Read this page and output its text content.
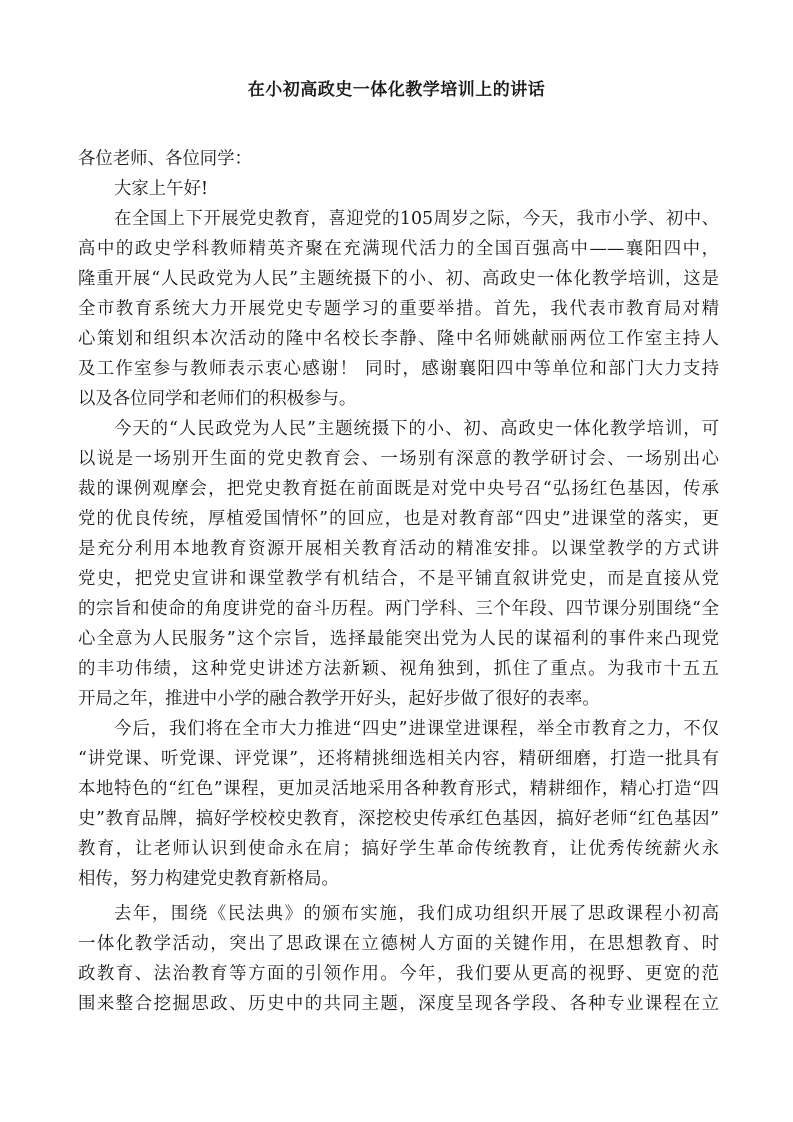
在小初高政史一体化教学培训上的讲话
各位老师、各位同学：
大家上午好!
在全国上下开展党史教育，喜迎党的105周岁之际，今天，我市小学、初中、
高中的政史学科教师精英齐聚在充满现代活力的全国百强高中——襄阳四中，
隆重开展“人民政党为人民”主题统摄下的小、初、高政史一体化教学培训，这是
全市教育系统大力开展党史专题学习的重要举措。首先，我代表市教育局对精
心策划和组织本次活动的隆中名校长李静、隆中名师姚献丽两位工作室主持人
及工作室参与教师表示衷心感谢！ 同时，感谢襄阳四中等单位和部门大力支持
以及各位同学和老师们的积极参与。
今天的“人民政党为人民”主题统摄下的小、初、高政史一体化教学培训，可
以说是一场别开生面的党史教育会、一场别有深意的教学研讨会、一场别出心
裁的课例观摩会，把党史教育挺在前面既是对党中央号召“弘扬红色基因，传承
党的优良传统，厚植爱国情怀”的回应，也是对教育部“四史”进课堂的落实，更
是充分利用本地教育资源开展相关教育活动的精准安排。以课堂教学的方式讲
党史，把党史宣讲和课堂教学有机结合，不是平铺直叙讲党史，而是直接从党
的宗旨和使命的角度讲党的奋斗历程。两门学科、三个年段、四节课分别围绕“全
心全意为人民服务”这个宗旨，选择最能突出党为人民的谋福利的事件来凸现党
的丰功伟绩，这种党史讲述方法新颖、视角独到，抓住了重点。为我市十五五
开局之年，推进中小学的融合教学开好头，起好步做了很好的表率。
今后，我们将在全市大力推进“四史”进课堂进课程，举全市教育之力，不仅
“讲党课、听党课、评党课”，还将精挑细选相关内容，精研细磨，打造一批具有
本地特色的“红色”课程，更加灵活地采用各种教育形式，精耕细作，精心打造“四
史”教育品牌，搞好学校校史教育，深挖校史传承红色基因，搞好老师“红色基因”
教育，让老师认识到使命永在肩；搞好学生革命传统教育，让优秀传统薪火永
相传，努力构建党史教育新格局。
去年，围绕《民法典》的颁布实施，我们成功组织开展了思政课程小初高
一体化教学活动，突出了思政课在立德树人方面的关键作用，在思想教育、时
政教育、法治教育等方面的引领作用。今年，我们要从更高的视野、更宽的范
围来整合挖掘思政、历史中的共同主题，深度呈现各学段、各种专业课程在立
